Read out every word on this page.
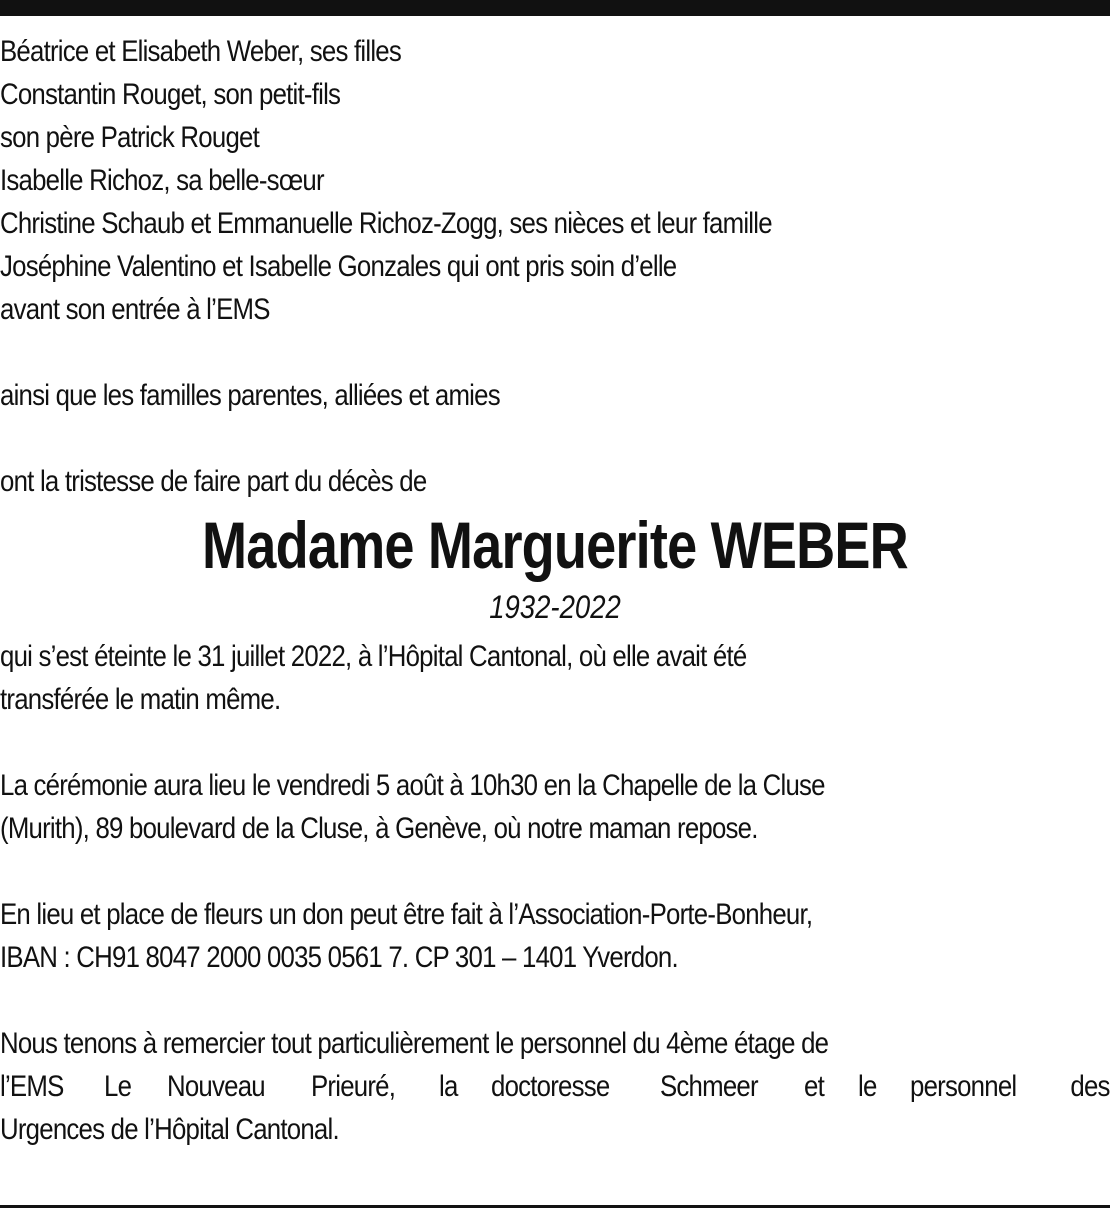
Béatrice et Elisabeth Weber, ses filles
Constantin Rouget, son petit-fils
son père Patrick Rouget
Isabelle Richoz, sa belle-sœur
Christine Schaub et Emmanuelle Richoz-Zogg, ses nièces et leur famille
Joséphine Valentino et Isabelle Gonzales qui ont pris soin d’elle
avant son entrée à l’EMS
ainsi que les familles parentes, alliées et amies
ont la tristesse de faire part du décès de
Madame Marguerite WEBER
1932-2022
qui s’est éteinte le 31 juillet 2022, à l’Hôpital Cantonal, où elle avait été
transférée le matin même.
La cérémonie aura lieu le vendredi 5 août à 10h30 en la Chapelle de la Cluse
(Murith), 89 boulevard de la Cluse, à Genève, où notre maman repose.
En lieu et place de fleurs un don peut être fait à l’Association-Porte-Bonheur,
IBAN : CH91 8047 2000 0035 0561 7. CP 301 – 1401 Yverdon.
Nous tenons à remercier tout particulièrement le personnel du 4ème étage de
l’EMS Le Nouveau Prieuré, la doctoresse Schmeer et le personnel des
Urgences de l’Hôpital Cantonal.
